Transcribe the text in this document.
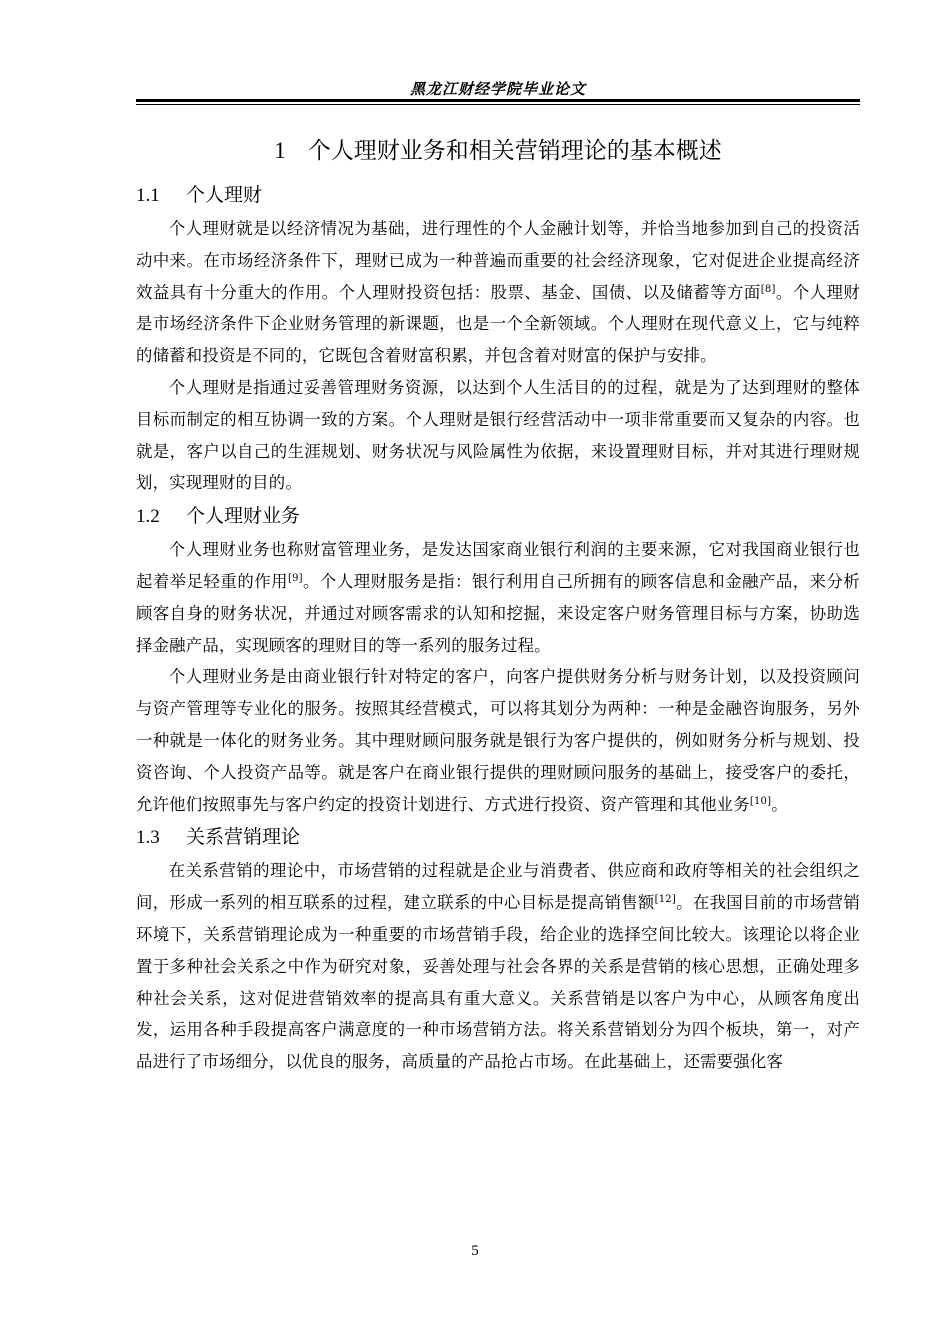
黑龙江财经学院毕业论文
1 个人理财业务和相关营销理论的基本概述
1.1 个人理财

个人理财就是以经济情况为基础，进行理性的个人金融计划等，并恰当地参加到自己的投资活动中来。在市场经济条件下，理财已成为一种普遍而重要的社会经济现象，它对促进企业提高经济效益具有十分重大的作用。个人理财投资包括：股票、基金、国债、以及储蓄等方面[8]。个人理财是市场经济条件下企业财务管理的新课题，也是一个全新领域。个人理财在现代意义上，它与纯粹的储蓄和投资是不同的，它既包含着财富积累，并包含着对财富的保护与安排。

个人理财是指通过妥善管理财务资源，以达到个人生活目的的过程，就是为了达到理财的整体目标而制定的相互协调一致的方案。个人理财是银行经营活动中一项非常重要而又复杂的内容。也就是，客户以自己的生涯规划、财务状况与风险属性为依据，来设置理财目标，并对其进行理财规划，实现理财的目的。

1.2 个人理财业务

个人理财业务也称财富管理业务，是发达国家商业银行利润的主要来源，它对我国商业银行也起着举足轻重的作用[9]。个人理财服务是指：银行利用自己所拥有的顾客信息和金融产品，来分析顾客自身的财务状况，并通过对顾客需求的认知和挖掘，来设定客户财务管理目标与方案，协助选择金融产品，实现顾客的理财目的等一系列的服务过程。

个人理财业务是由商业银行针对特定的客户，向客户提供财务分析与财务计划，以及投资顾问与资产管理等专业化的服务。按照其经营模式，可以将其划分为两种：一种是金融咨询服务，另外一种就是一体化的财务业务。其中理财顾问服务就是银行为客户提供的，例如财务分析与规划、投资咨询、个人投资产品等。就是客户在商业银行提供的理财顾问服务的基础上，接受客户的委托，允许他们按照事先与客户约定的投资计划进行、方式进行投资、资产管理和其他业务[10]。

1.3 关系营销理论

在关系营销的理论中，市场营销的过程就是企业与消费者、供应商和政府等相关的社会组织之间，形成一系列的相互联系的过程，建立联系的中心目标是提高销售额[12]。在我国目前的市场营销环境下，关系营销理论成为一种重要的市场营销手段，给企业的选择空间比较大。该理论以将企业置于多种社会关系之中作为研究对象，妥善处理与社会各界的关系是营销的核心思想，正确处理多种社会关系，这对促进营销效率的提高具有重大意义。关系营销是以客户为中心，从顾客角度出发，运用各种手段提高客户满意度的一种市场营销方法。将关系营销划分为四个板块，第一，对产品进行了市场细分，以优良的服务，高质量的产品抢占市场。在此基础上，还需要强化客

5
